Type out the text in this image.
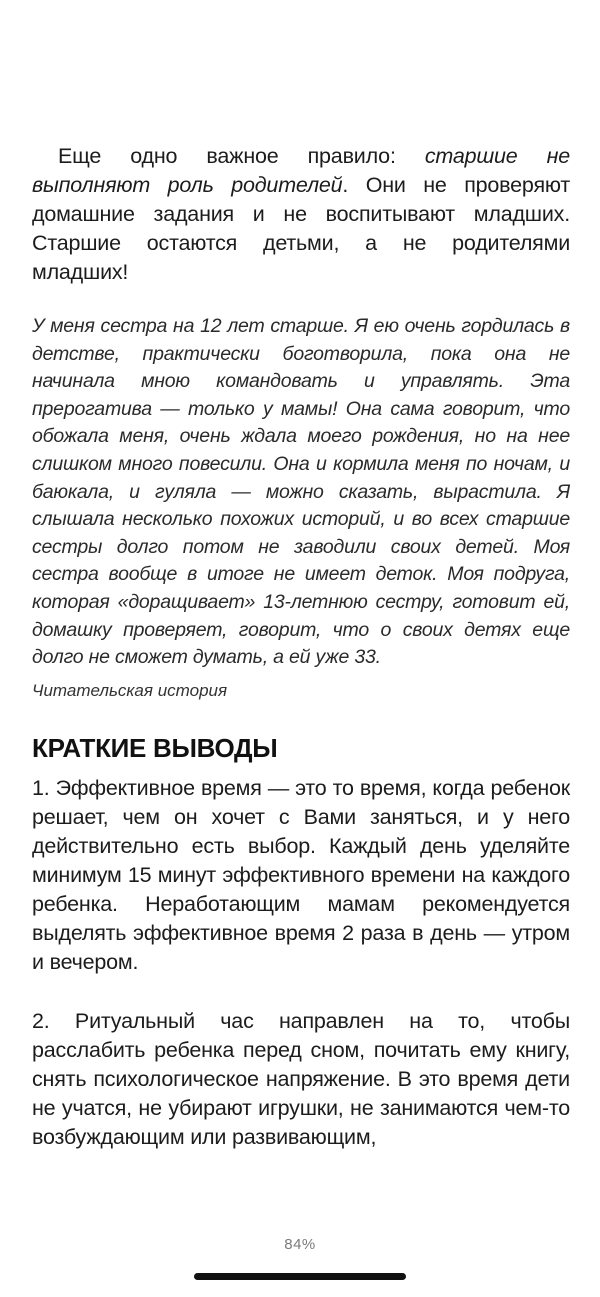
Еще одно важное правило: старшие не выполняют роль родителей. Они не проверяют домашние задания и не воспитывают младших. Старшие остаются детьми, а не родителями младших!

У меня сестра на 12 лет старше. Я ею очень гордилась в детстве, практически боготворила, пока она не начинала мною командовать и управлять. Эта прерогатива — только у мамы! Она сама говорит, что обожала меня, очень ждала моего рождения, но на нее слишком много повесили. Она и кормила меня по ночам, и баюкала, и гуляла — можно сказать, вырастила. Я слышала несколько похожих историй, и во всех старшие сестры долго потом не заводили своих детей. Моя сестра вообще в итоге не имеет деток. Моя подруга, которая «доращивает» 13-летнюю сестру, готовит ей, домашку проверяет, говорит, что о своих детях еще долго не сможет думать, а ей уже 33.

Читательская история

КРАТКИЕ ВЫВОДЫ

1. Эффективное время — это то время, когда ребенок решает, чем он хочет с Вами заняться, и у него действительно есть выбор. Каждый день уделяйте минимум 15 минут эффективного времени на каждого ребенка. Неработающим мамам рекомендуется выделять эффективное время 2 раза в день — утром и вечером.

2. Ритуальный час направлен на то, чтобы расслабить ребенка перед сном, почитать ему книгу, снять психологическое напряжение. В это время дети не учатся, не убирают игрушки, не занимаются чем-то возбуждающим или развивающим,

84%
